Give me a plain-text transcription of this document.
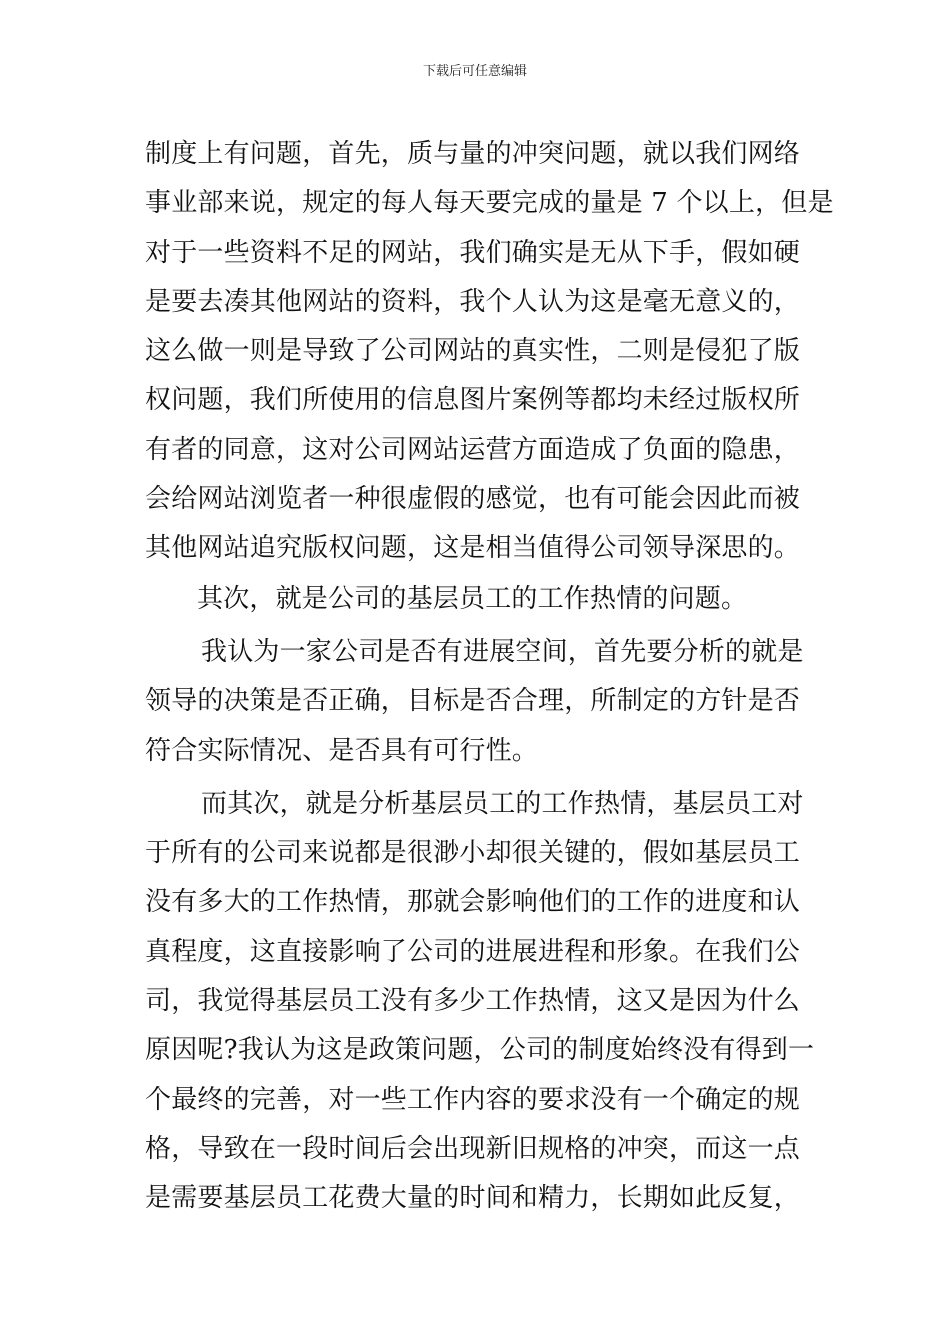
下载后可任意编辑
制度上有问题，首先，质与量的冲突问题，就以我们网络
事业部来说，规定的每人每天要完成的量是 7 个以上，但是
对于一些资料不足的网站，我们确实是无从下手，假如硬
是要去凑其他网站的资料，我个人认为这是毫无意义的，
这么做一则是导致了公司网站的真实性，二则是侵犯了版
权问题，我们所使用的信息图片案例等都均未经过版权所
有者的同意，这对公司网站运营方面造成了负面的隐患，
会给网站浏览者一种很虚假的感觉，也有可能会因此而被
其他网站追究版权问题，这是相当值得公司领导深思的。
其次，就是公司的基层员工的工作热情的问题。
我认为一家公司是否有进展空间，首先要分析的就是
领导的决策是否正确，目标是否合理，所制定的方针是否
符合实际情况、是否具有可行性。
而其次，就是分析基层员工的工作热情，基层员工对
于所有的公司来说都是很渺小却很关键的，假如基层员工
没有多大的工作热情，那就会影响他们的工作的进度和认
真程度，这直接影响了公司的进展进程和形象。在我们公
司，我觉得基层员工没有多少工作热情，这又是因为什么
原因呢?我认为这是政策问题，公司的制度始终没有得到一
个最终的完善，对一些工作内容的要求没有一个确定的规
格，导致在一段时间后会出现新旧规格的冲突，而这一点
是需要基层员工花费大量的时间和精力，长期如此反复，
